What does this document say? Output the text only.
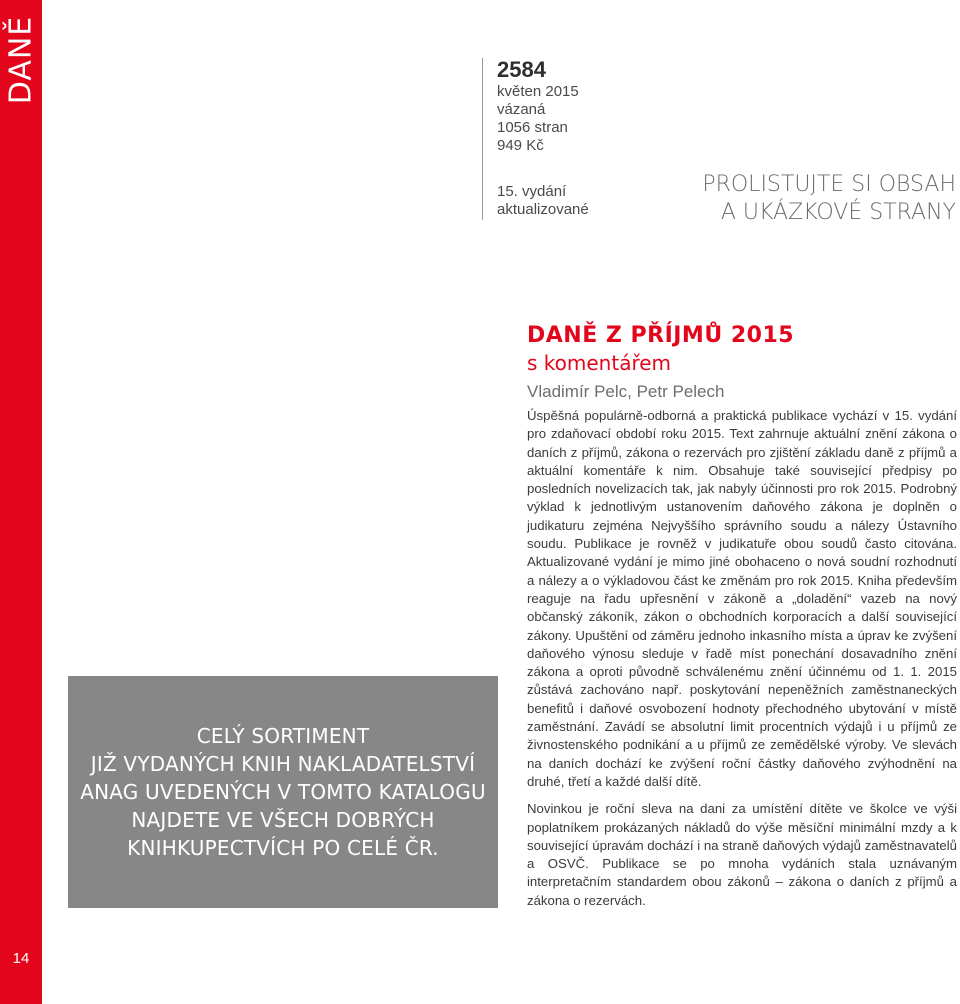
DANĚ
14
2584
květen 2015
vázaná
1056 stran
949 Kč
15. vydání
aktualizované
PROLISTUJTE SI OBSAH
A UKÁZKOVÉ STRANY
DANĚ Z PŘÍJMŮ 2015
s komentářem
Vladimír Pelc, Petr Pelech

Úspěšná populárně-odborná a praktická publikace vychází v 15. vydání pro zdaňovací období roku 2015. Text zahrnuje aktuální znění zákona o daních z příjmů, zákona o rezervách pro zjištění základu daně z příjmů a aktuální komentáře k nim. Obsahuje také související předpisy po posledních novelizacích tak, jak nabyly účinnosti pro rok 2015. Podrobný výklad k jednotlivým ustanovením daňového zákona je doplněn o judikaturu zejména Nejvyššího správního soudu a nálezy Ústavního soudu. Publikace je rovněž v judikatuře obou soudů často citována. Aktualizované vydání je mimo jiné obohaceno o nová soudní rozhodnutí a nálezy a o výkladovou část ke změnám pro rok 2015. Kniha především reaguje na řadu upřesnění v zákoně a „doladění“ vazeb na nový občanský zákoník, zákon o obchodních korporacích a další související zákony. Upuštění od záměru jednoho inkasního místa a úprav ke zvýšení daňového výnosu sleduje v řadě míst ponechání dosavadního znění zákona a oproti původně schválenému znění účinnému od 1. 1. 2015 zůstává zachováno např. poskytování nepeněžních zaměstnaneckých benefitů i daňové osvobození hodnoty přechodného ubytování v místě zaměstnání. Zavádí se absolutní limit procentních výdajů i u příjmů ze živnostenského podnikání a u příjmů ze zemědělské výroby. Ve slevách na daních dochází ke zvýšení roční částky daňového zvýhodnění na druhé, třetí a každé další dítě.

Novinkou je roční sleva na dani za umístění dítěte ve školce ve výši poplatníkem prokázaných nákladů do výše měsíční minimální mzdy a k související úpravám dochází i na straně daňových výdajů zaměstnavatelů a OSVČ. Publikace se po mnoha vydáních stala uznávaným interpretačním standardem obou zákonů – zákona o daních z příjmů a zákona o rezervách.

CELÝ SORTIMENT
JIŽ VYDANÝCH KNIH NAKLADATELSTVÍ
ANAG UVEDENÝCH V TOMTO KATALOGU
NAJDETE VE VŠECH DOBRÝCH
KNIHKUPECTVÍCH PO CELÉ ČR.
